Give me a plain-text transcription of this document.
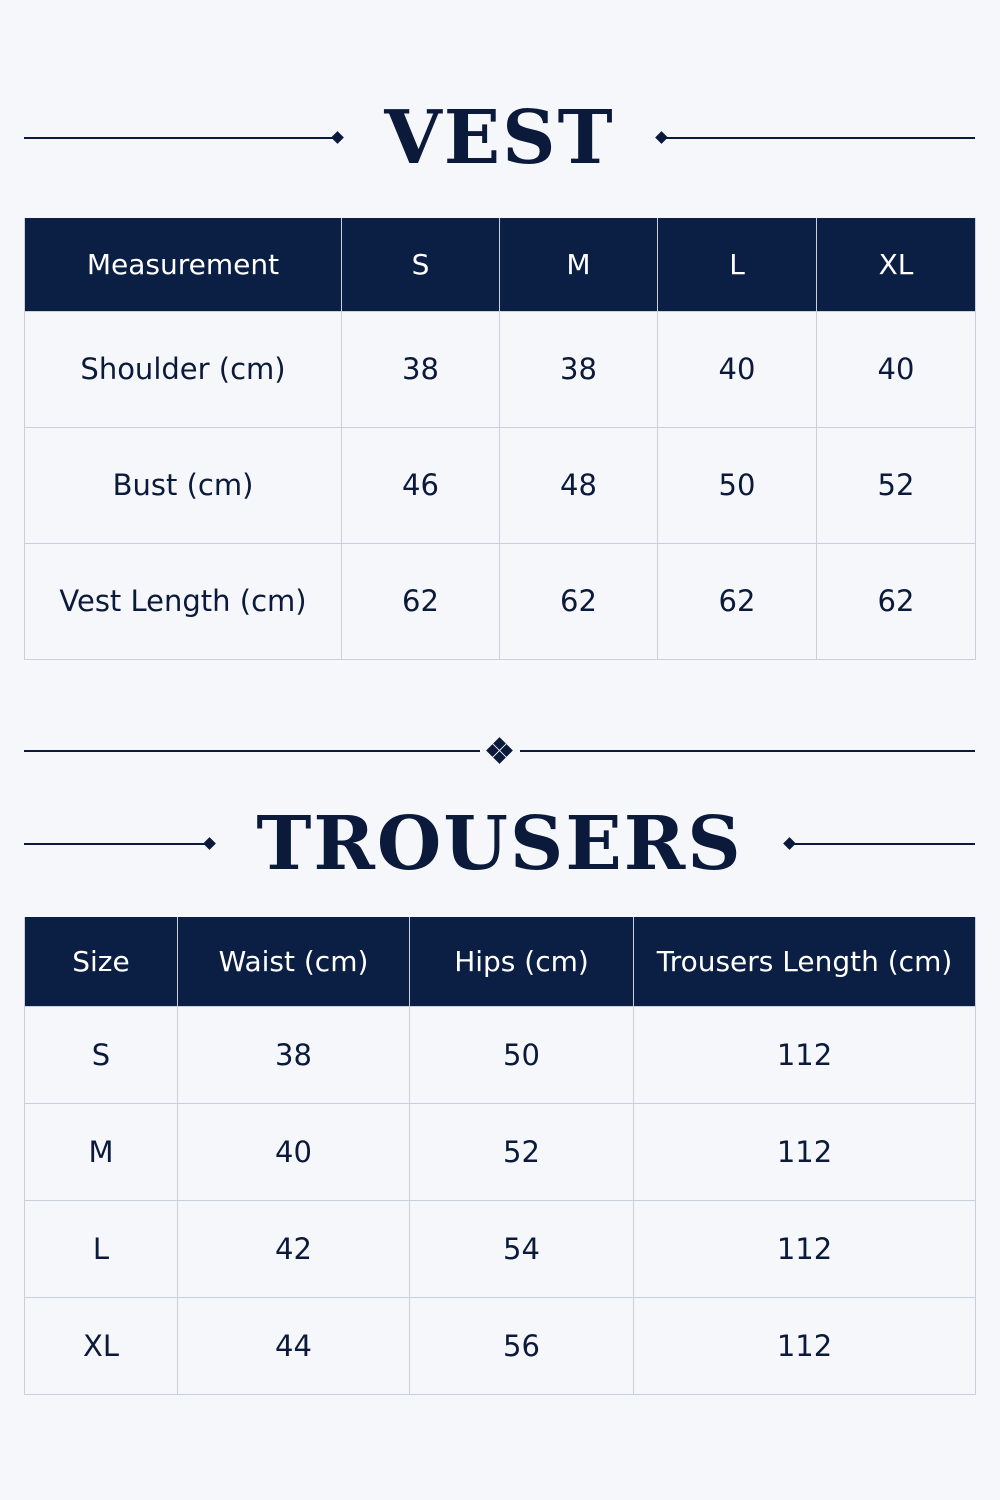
VEST
Measurement	S	M	L	XL
Shoulder (cm)	38	38	40	40
Bust (cm)	46	48	50	52
Vest Length (cm)	62	62	62	62
TROUSERS
Size	Waist (cm)	Hips (cm)	Trousers Length (cm)
S	38	50	112
M	40	52	112
L	42	54	112
XL	44	56	112
